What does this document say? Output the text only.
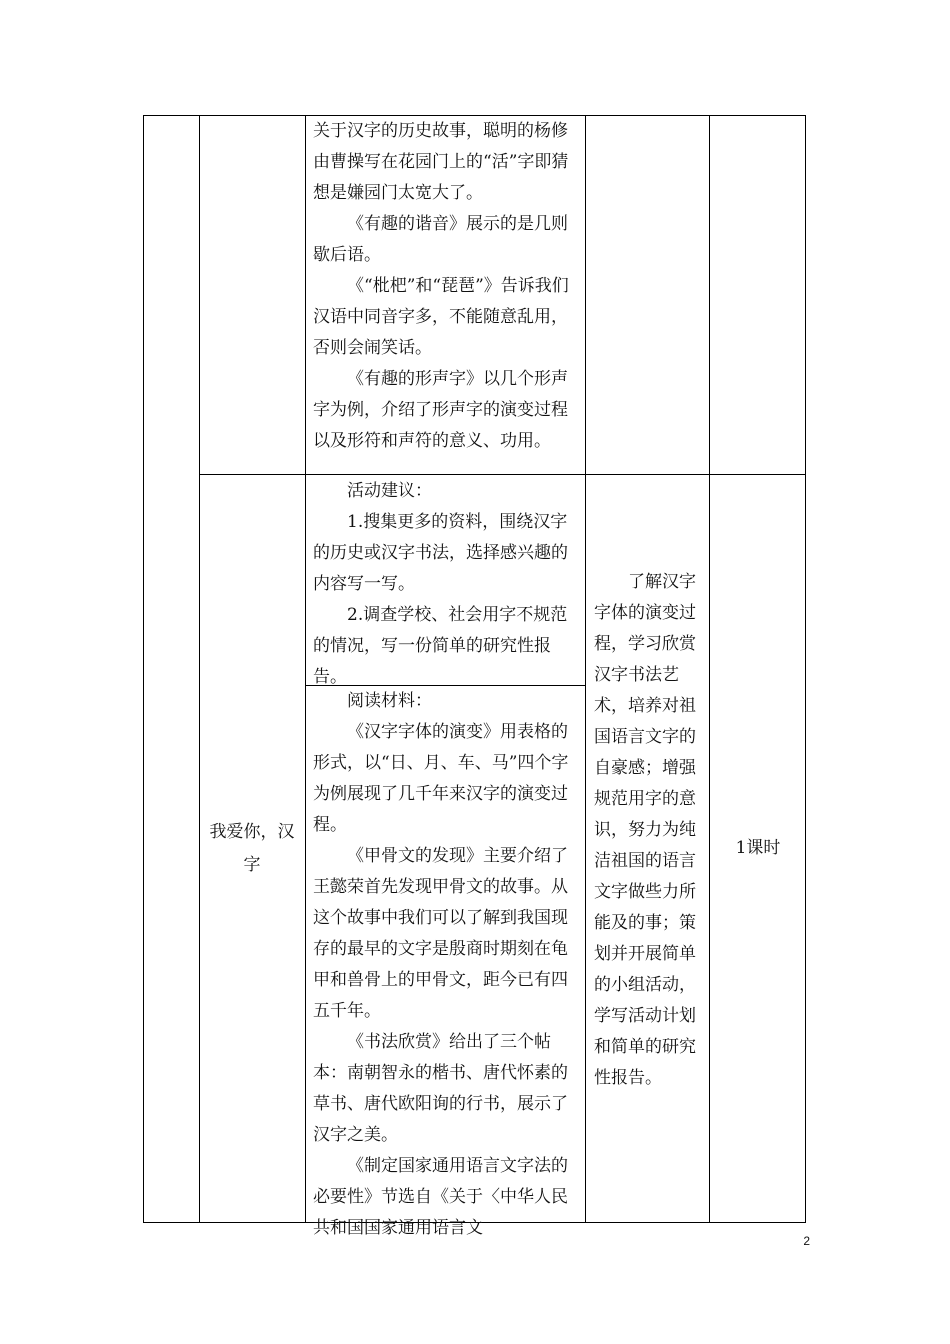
关于汉字的历史故事，聪明的杨修由曹操写在花园门上的“活”字即猜想是嫌园门太宽大了。

《有趣的谐音》展示的是几则歇后语。

《“枇杷”和“琵琶”》告诉我们汉语中同音字多，不能随意乱用，否则会闹笑话。

《有趣的形声字》以几个形声字为例，介绍了形声字的演变过程以及形符和声符的意义、功用。

我爱你，汉字

活动建议：

1.搜集更多的资料，围绕汉字的历史或汉字书法，选择感兴趣的内容写一写。

2.调查学校、社会用字不规范的情况，写一份简单的研究性报告。

阅读材料：

《汉字字体的演变》用表格的形式，以“日、月、车、马”四个字为例展现了几千年来汉字的演变过程。

《甲骨文的发现》主要介绍了王懿荣首先发现甲骨文的故事。从这个故事中我们可以了解到我国现存的最早的文字是殷商时期刻在龟甲和兽骨上的甲骨文，距今已有四五千年。

《书法欣赏》给出了三个帖本：南朝智永的楷书、唐代怀素的草书、唐代欧阳询的行书，展示了汉字之美。

《制定国家通用语言文字法的必要性》节选自《关于〈中华人民共和国国家通用语言文

了解汉字字体的演变过程，学习欣赏汉字书法艺术，培养对祖国语言文字的自豪感；增强规范用字的意识，努力为纯洁祖国的语言文字做些力所能及的事；策划并开展简单的小组活动，学写活动计划和简单的研究性报告。

1课时
2
